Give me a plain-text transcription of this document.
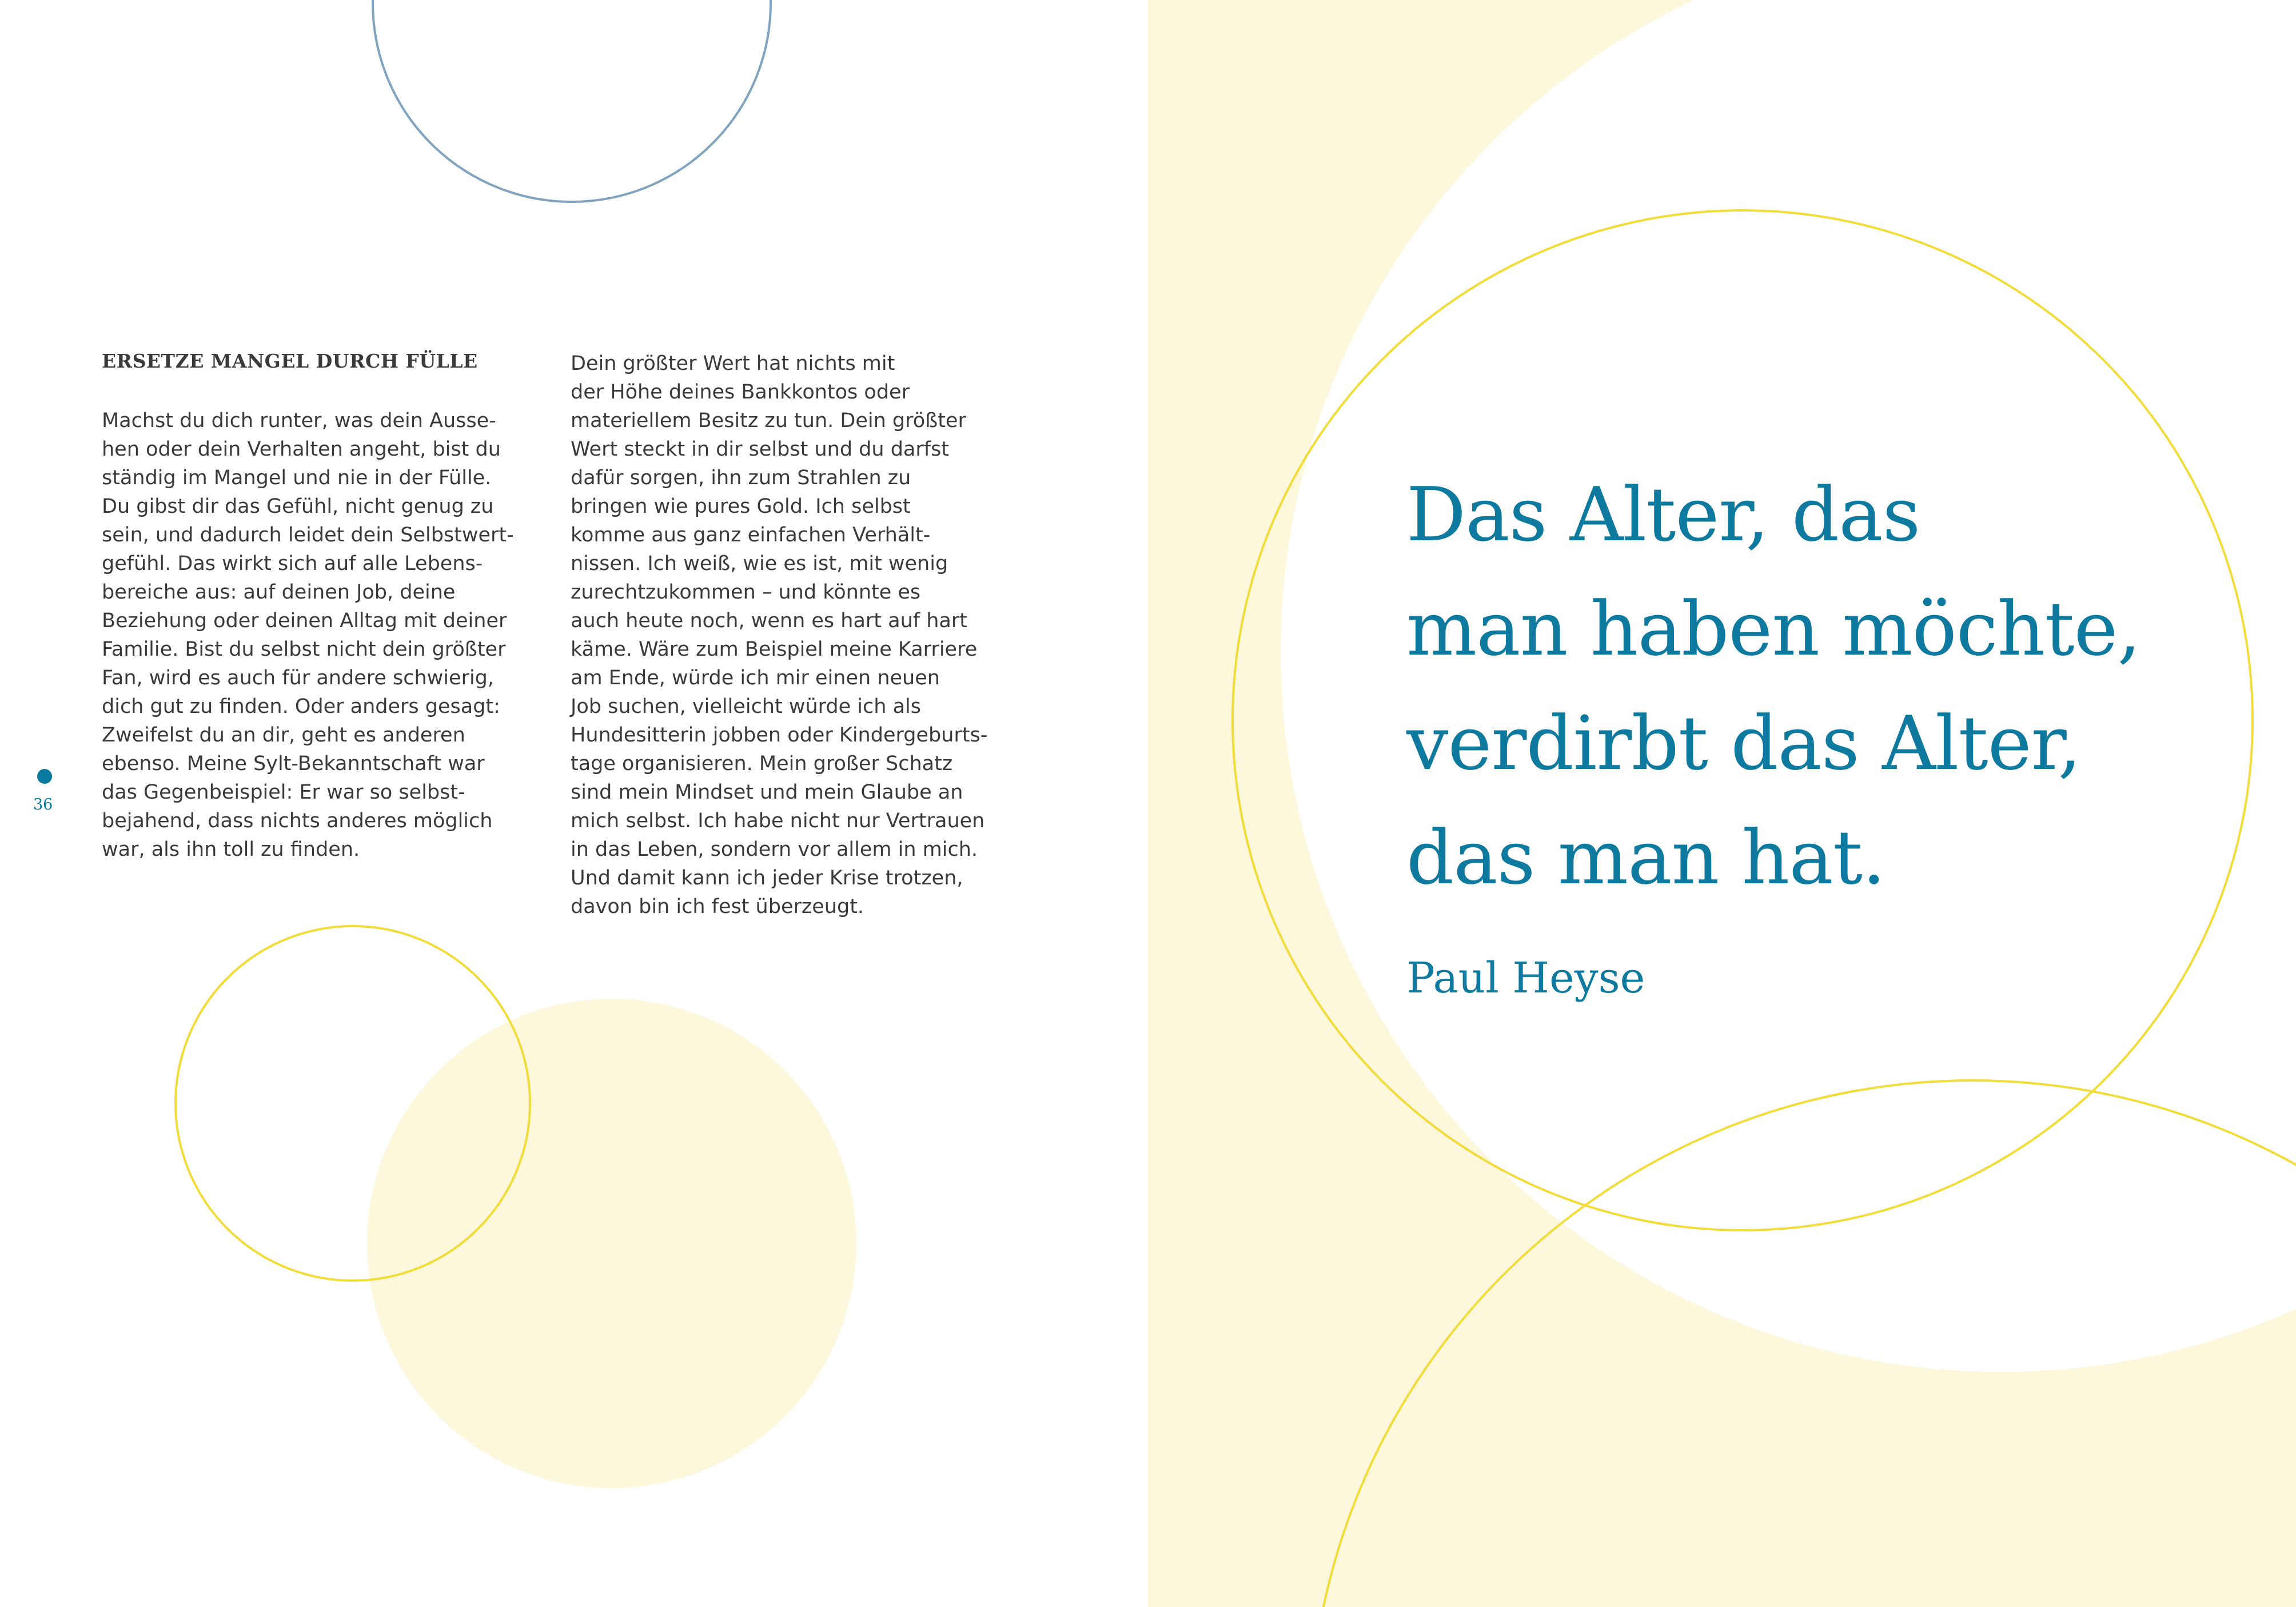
ERSETZE MANGEL DURCH FÜLLE

Machst du dich runter, was dein Ausse-
hen oder dein Verhalten angeht, bist du
ständig im Mangel und nie in der Fülle.
Du gibst dir das Gefühl, nicht genug zu
sein, und dadurch leidet dein Selbstwert-
gefühl. Das wirkt sich auf alle Lebens-
bereiche aus: auf deinen Job, deine
Beziehung oder deinen Alltag mit deiner
Familie. Bist du selbst nicht dein größter
Fan, wird es auch für andere schwierig,
dich gut zu finden. Oder anders gesagt:
Zweifelst du an dir, geht es anderen
ebenso. Meine Sylt-Bekanntschaft war
das Gegenbeispiel: Er war so selbst-
bejahend, dass nichts anderes möglich
war, als ihn toll zu finden.

Dein größter Wert hat nichts mit
der Höhe deines Bankkontos oder
materiellem Besitz zu tun. Dein größter
Wert steckt in dir selbst und du darfst
dafür sorgen, ihn zum Strahlen zu
bringen wie pures Gold. Ich selbst
komme aus ganz einfachen Verhält-
nissen. Ich weiß, wie es ist, mit wenig
zurechtzukommen – und könnte es
auch heute noch, wenn es hart auf hart
käme. Wäre zum Beispiel meine Karriere
am Ende, würde ich mir einen neuen
Job suchen, vielleicht würde ich als
Hundesitterin jobben oder Kindergeburts-
tage organisieren. Mein großer Schatz
sind mein Mindset und mein Glaube an
mich selbst. Ich habe nicht nur Vertrauen
in das Leben, sondern vor allem in mich.
Und damit kann ich jeder Krise trotzen,
davon bin ich fest überzeugt.

36

Das Alter, das
man haben möchte,
verdirbt das Alter,
das man hat.

Paul Heyse
